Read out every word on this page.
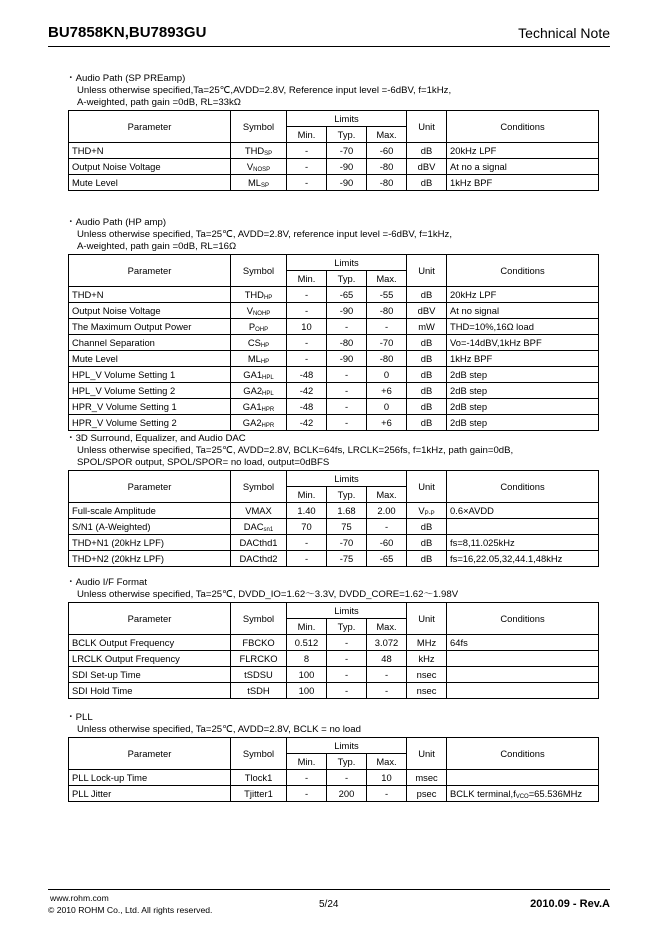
BU7858KN,BU7893GU	Technical Note
・Audio Path (SP PREamp)
Unless otherwise specified,Ta=25℃,AVDD=2.8V, Reference input level =-6dBV, f=1kHz,
A-weighted, path gain =0dB, RL=33kΩ
Parameter	Symbol	Limits			Unit	Conditions
		Min.	Typ.	Max.		
THD+N	$THD_{SP}$	-	-70	-60	dB	20kHz LPF
Output Noise Voltage	$V_{NOSP}$	-	-90	-80	dBV	At no a signal
Mute Level	$ML_{SP}$	-	-90	-80	dB	1kHz BPF
・Audio Path (HP amp)
Unless otherwise specified, Ta=25℃, AVDD=2.8V, reference input level =-6dBV, f=1kHz,
A-weighted, path gain =0dB, RL=16Ω
Parameter	Symbol	Limits			Unit	Conditions
		Min.	Typ.	Max.		
THD+N	$THD_{HP}$	-	-65	-55	dB	20kHz LPF
Output Noise Voltage	$V_{NOHP}$	-	-90	-80	dBV	At no signal
The Maximum Output Power	$P_{OHP}$	10	-	-	mW	THD=10%,16Ω load
Channel Separation	$CS_{HP}$	-	-80	-70	dB	Vo=-14dBV,1kHz BPF
Mute Level	$ML_{HP}$	-	-90	-80	dB	1kHz BPF
HPL_V Volume Setting 1	$GA1_{HPL}$	-48	-	0	dB	2dB step
HPL_V Volume Setting 2	$GA2_{HPL}$	-42	-	+6	dB	2dB step
HPR_V Volume Setting 1	$GA1_{HPR}$	-48	-	0	dB	2dB step
HPR_V Volume Setting 2	$GA2_{HPR}$	-42	-	+6	dB	2dB step
・3D Surround, Equalizer, and Audio DAC
Unless otherwise specified, Ta=25℃, AVDD=2.8V, BCLK=64fs, LRCLK=256fs, f=1kHz, path gain=0dB,
SPOL/SPOR output, SPOL/SPOR= no load, output=0dBFS
Parameter	Symbol	Limits			Unit	Conditions
		Min.	Typ.	Max.		
Full-scale Amplitude	VMAX	1.40	1.68	2.00	$V_{P-P}$	0.6×AVDD
S/N1 (A-Weighted)	$DAC_{sn1}$	70	75	-	dB	
THD+N1 (20kHz LPF)	DACthd1	-	-70	-60	dB	fs=8,11.025kHz
THD+N2 (20kHz LPF)	DACthd2	-	-75	-65	dB	fs=16,22.05,32,44.1,48kHz
・Audio I/F Format
Unless otherwise specified, Ta=25℃, DVDD_IO=1.62～3.3V, DVDD_CORE=1.62～1.98V
Parameter	Symbol	Limits			Unit	Conditions
		Min.	Typ.	Max.		
BCLK Output Frequency	FBCKO	0.512	-	3.072	MHz	64fs
LRCLK Output Frequency	FLRCKO	8	-	48	kHz	
SDI Set-up Time	tSDSU	100	-	-	nsec	
SDI Hold Time	tSDH	100	-	-	nsec	
・PLL
Unless otherwise specified, Ta=25℃, AVDD=2.8V, BCLK = no load
Parameter	Symbol	Limits			Unit	Conditions
		Min.	Typ.	Max.		
PLL Lock-up Time	Tlock1	-	-	10	msec	
PLL Jitter	Tjitter1	-	200	-	psec	BCLK $terminal,f_{VCO}=65.536MHz$
www.rohm.com
© 2010 ROHM Co., Ltd. All rights reserved.	5/24	2010.09 - Rev.A
